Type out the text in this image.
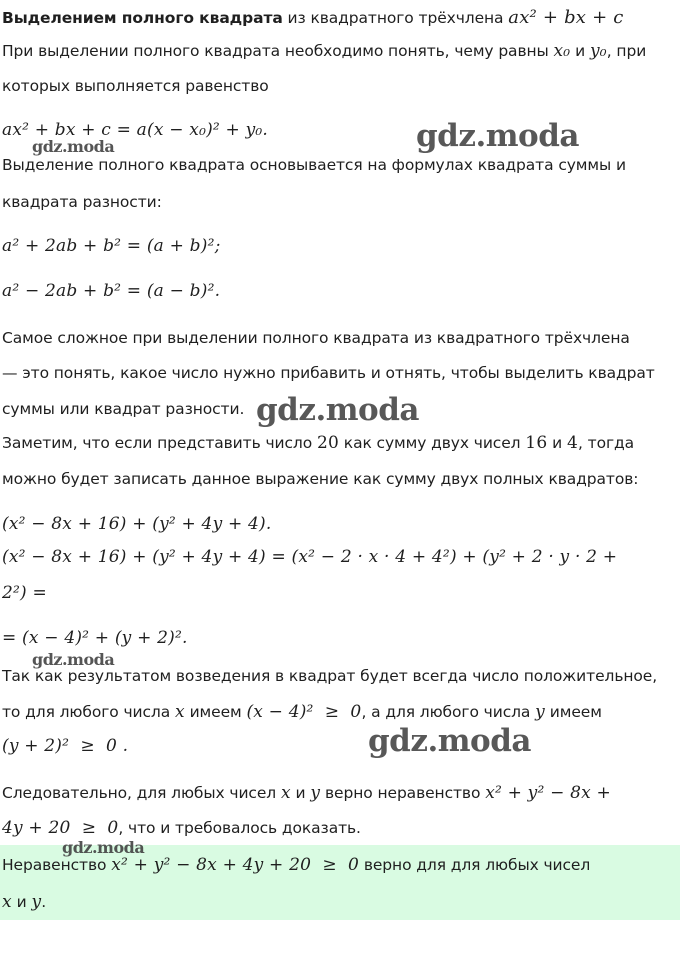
Выделением полного квадрата из квадратного трёхчлена ax² + bx + c
При выделении полного квадрата необходимо понять, чему равны x₀ и y₀, при
которых выполняется равенство
ax² + bx + c = a(x − x₀)² + y₀.
Выделение полного квадрата основывается на формулах квадрата суммы и
квадрата разности:
a² + 2ab + b² = (a + b)²;
a² − 2ab + b² = (a − b)².
Самое сложное при выделении полного квадрата из квадратного трёхчлена
— это понять, какое число нужно прибавить и отнять, чтобы выделить квадрат
суммы или квадрат разности.
Заметим, что если представить число 20 как сумму двух чисел 16 и 4, тогда
можно будет записать данное выражение как сумму двух полных квадратов:
(x² − 8x + 16) + (y² + 4y + 4).
(x² − 8x + 16) + (y² + 4y + 4) = (x² − 2 · x · 4 + 4²) + (y² + 2 · y · 2 +
2²) =
= (x − 4)² + (y + 2)².
Так как результатом возведения в квадрат будет всегда число положительное,
то для любого числа x имеем (x − 4)²  ≥  0, а для любого числа y имеем
(y + 2)²  ≥  0 .
Следовательно, для любых чисел x и y верно неравенство x² + y² − 8x +
4y + 20  ≥  0, что и требовалось доказать.
Неравенство x² + y² − 8x + 4y + 20  ≥  0 верно для для любых чисел
x и y.
gdz.moda
gdz.moda
gdz.moda
gdz.moda
gdz.moda
gdz.moda
